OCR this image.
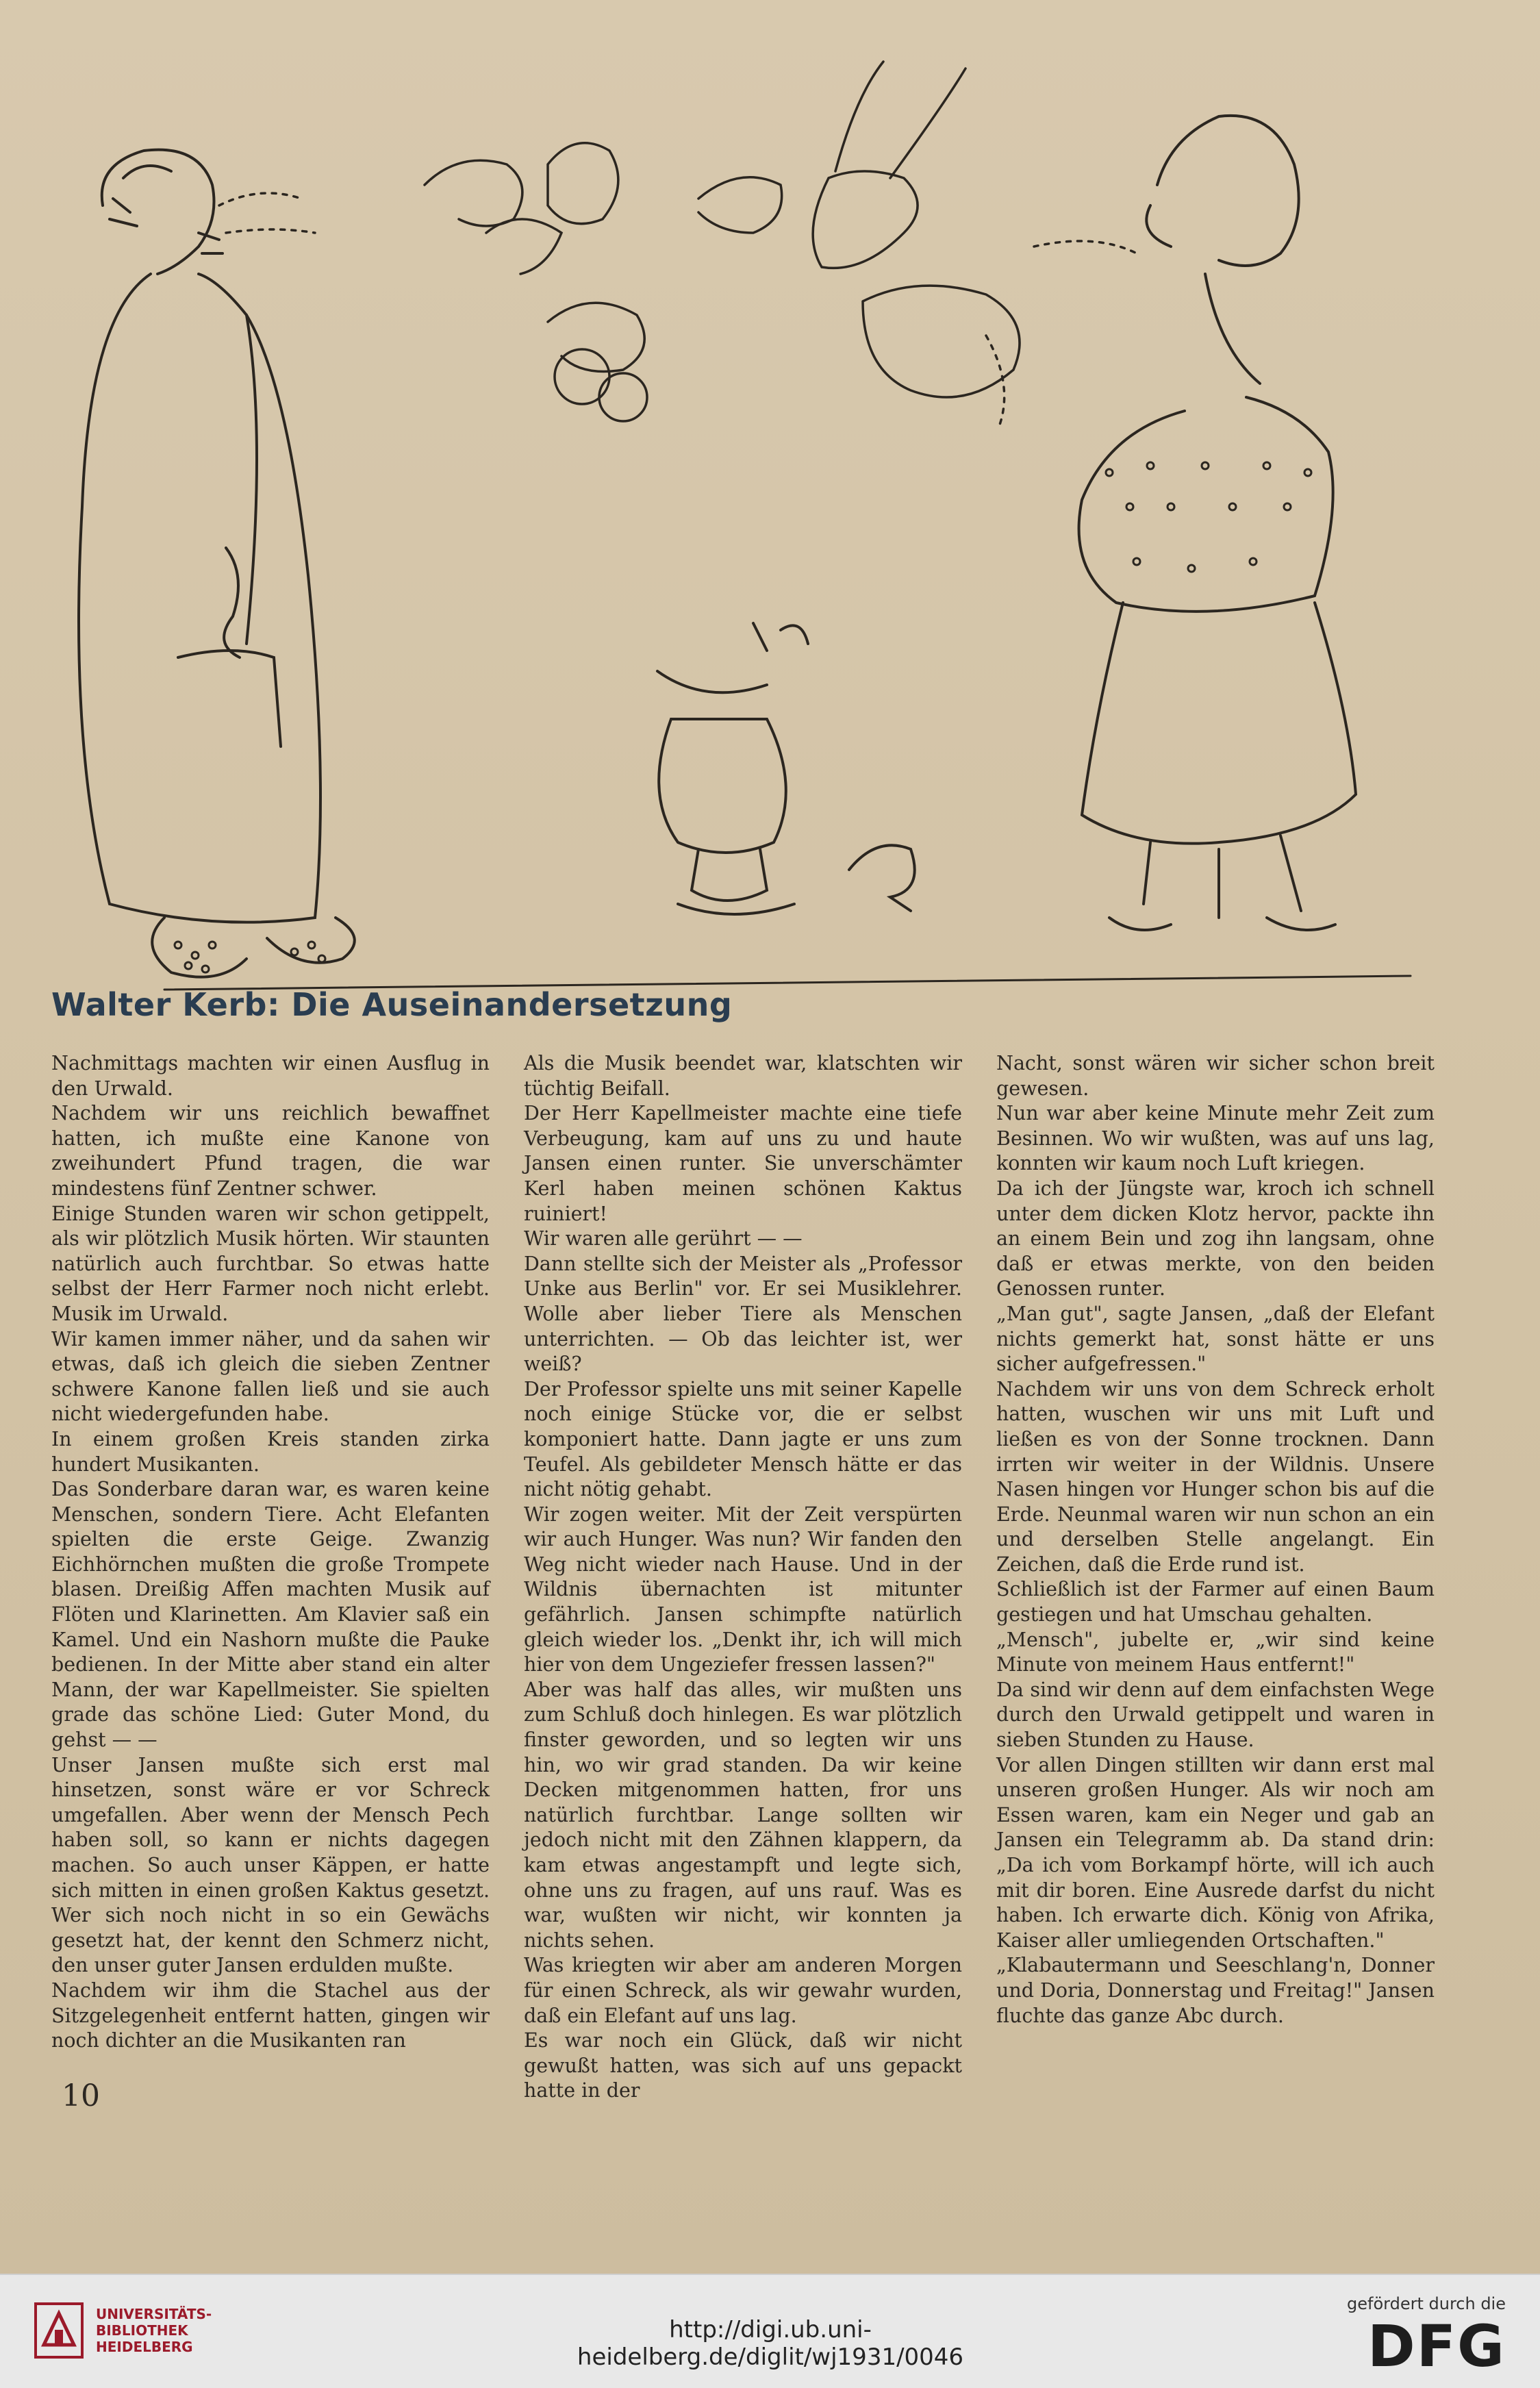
Walter Kerb: Die Auseinandersetzung

Nachmittags machten wir einen Ausflug in den Urwald.

Nachdem wir uns reichlich bewaffnet hatten, ich mußte eine Kanone von zweihundert Pfund tragen, die war mindestens fünf Zentner schwer.

Einige Stunden waren wir schon getippelt, als wir plötzlich Musik hörten. Wir staunten natürlich auch furchtbar. So etwas hatte selbst der Herr Farmer noch nicht erlebt. Musik im Urwald.

Wir kamen immer näher, und da sahen wir etwas, daß ich gleich die sieben Zentner schwere Kanone fallen ließ und sie auch nicht wiedergefunden habe.

In einem großen Kreis standen zirka hundert Musikanten.

Das Sonderbare daran war, es waren keine Menschen, sondern Tiere. Acht Elefanten spielten die erste Geige. Zwanzig Eichhörnchen mußten die große Trompete blasen. Dreißig Affen machten Musik auf Flöten und Klarinetten. Am Klavier saß ein Kamel. Und ein Nashorn mußte die Pauke bedienen. In der Mitte aber stand ein alter Mann, der war Kapellmeister. Sie spielten grade das schöne Lied: Guter Mond, du gehst — —

Unser Jansen mußte sich erst mal hinsetzen, sonst wäre er vor Schreck umgefallen. Aber wenn der Mensch Pech haben soll, so kann er nichts dagegen machen. So auch unser Käppen, er hatte sich mitten in einen großen Kaktus gesetzt. Wer sich noch nicht in so ein Gewächs gesetzt hat, der kennt den Schmerz nicht, den unser guter Jansen erdulden mußte.

Nachdem wir ihm die Stachel aus der Sitzgelegenheit entfernt hatten, gingen wir noch dichter an die Musikanten ran

Als die Musik beendet war, klatschten wir tüchtig Beifall.

Der Herr Kapellmeister machte eine tiefe Verbeugung, kam auf uns zu und haute Jansen einen runter. Sie unverschämter Kerl haben meinen schönen Kaktus ruiniert!

Wir waren alle gerührt — —

Dann stellte sich der Meister als „Professor Unke aus Berlin" vor. Er sei Musiklehrer. Wolle aber lieber Tiere als Menschen unterrichten. — Ob das leichter ist, wer weiß?

Der Professor spielte uns mit seiner Kapelle noch einige Stücke vor, die er selbst komponiert hatte. Dann jagte er uns zum Teufel. Als gebildeter Mensch hätte er das nicht nötig gehabt.

Wir zogen weiter. Mit der Zeit verspürten wir auch Hunger. Was nun? Wir fanden den Weg nicht wieder nach Hause. Und in der Wildnis übernachten ist mitunter gefährlich. Jansen schimpfte natürlich gleich wieder los. „Denkt ihr, ich will mich hier von dem Ungeziefer fressen lassen?"

Aber was half das alles, wir mußten uns zum Schluß doch hinlegen. Es war plötzlich finster geworden, und so legten wir uns hin, wo wir grad standen. Da wir keine Decken mitgenommen hatten, fror uns natürlich furchtbar. Lange sollten wir jedoch nicht mit den Zähnen klappern, da kam etwas angestampft und legte sich, ohne uns zu fragen, auf uns rauf. Was es war, wußten wir nicht, wir konnten ja nichts sehen.

Was kriegten wir aber am anderen Morgen für einen Schreck, als wir gewahr wurden, daß ein Elefant auf uns lag.

Es war noch ein Glück, daß wir nicht gewußt hatten, was sich auf uns gepackt hatte in der

Nacht, sonst wären wir sicher schon breit gewesen.

Nun war aber keine Minute mehr Zeit zum Besinnen. Wo wir wußten, was auf uns lag, konnten wir kaum noch Luft kriegen.

Da ich der Jüngste war, kroch ich schnell unter dem dicken Klotz hervor, packte ihn an einem Bein und zog ihn langsam, ohne daß er etwas merkte, von den beiden Genossen runter.

„Man gut", sagte Jansen, „daß der Elefant nichts gemerkt hat, sonst hätte er uns sicher aufgefressen."

Nachdem wir uns von dem Schreck erholt hatten, wuschen wir uns mit Luft und ließen es von der Sonne trocknen. Dann irrten wir weiter in der Wildnis. Unsere Nasen hingen vor Hunger schon bis auf die Erde. Neunmal waren wir nun schon an ein und derselben Stelle angelangt. Ein Zeichen, daß die Erde rund ist.

Schließlich ist der Farmer auf einen Baum gestiegen und hat Umschau gehalten.

„Mensch", jubelte er, „wir sind keine Minute von meinem Haus entfernt!"

Da sind wir denn auf dem einfachsten Wege durch den Urwald getippelt und waren in sieben Stunden zu Hause.

Vor allen Dingen stillten wir dann erst mal unseren großen Hunger. Als wir noch am Essen waren, kam ein Neger und gab an Jansen ein Telegramm ab. Da stand drin: „Da ich vom Borkampf hörte, will ich auch mit dir boren. Eine Ausrede darfst du nicht haben. Ich erwarte dich. König von Afrika, Kaiser aller umliegenden Ortschaften."

„Klabautermann und Seeschlang'n, Donner und Doria, Donnerstag und Freitag!" Jansen fluchte das ganze Abc durch.

10
UNIVERSITÄTS-
BIBLIOTHEK
HEIDELBERG
http://digi.ub.uni-heidelberg.de/diglit/wj1931/0046
gefördert durch die
DFG
